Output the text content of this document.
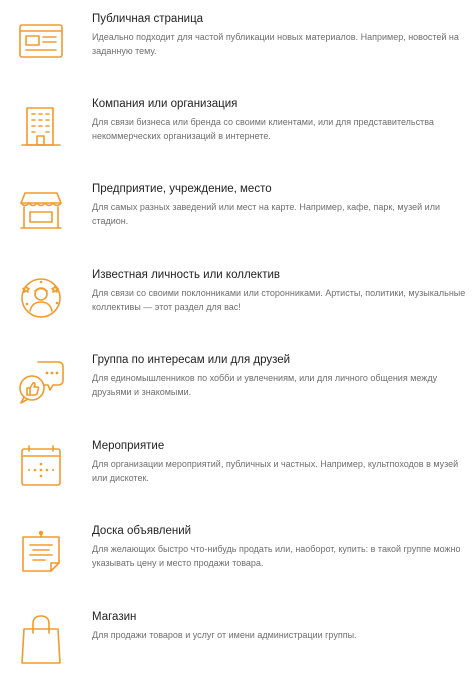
Публичная страница
Идеально подходит для частой публикации новых материалов. Например, новостей на заданную тему.
Компания или организация
Для связи бизнеса или бренда со своими клиентами, или для представительства некоммерческих организаций в интернете.
Предприятие, учреждение, место
Для самых разных заведений или мест на карте. Например, кафе, парк, музей или стадион.
Известная личность или коллектив
Для связи со своими поклонниками или сторонниками. Артисты, политики, музыкальные коллективы — этот раздел для вас!
Группа по интересам или для друзей
Для единомышленников по хобби и увлечениям, или для личного общения между друзьями и знакомыми.
Мероприятие
Для организации мероприятий, публичных и частных. Например, культпоходов в музей или дискотек.
Доска объявлений
Для желающих быстро что-нибудь продать или, наоборот, купить: в такой группе можно указывать цену и место продажи товара.
Магазин
Для продажи товаров и услуг от имени администрации группы.
